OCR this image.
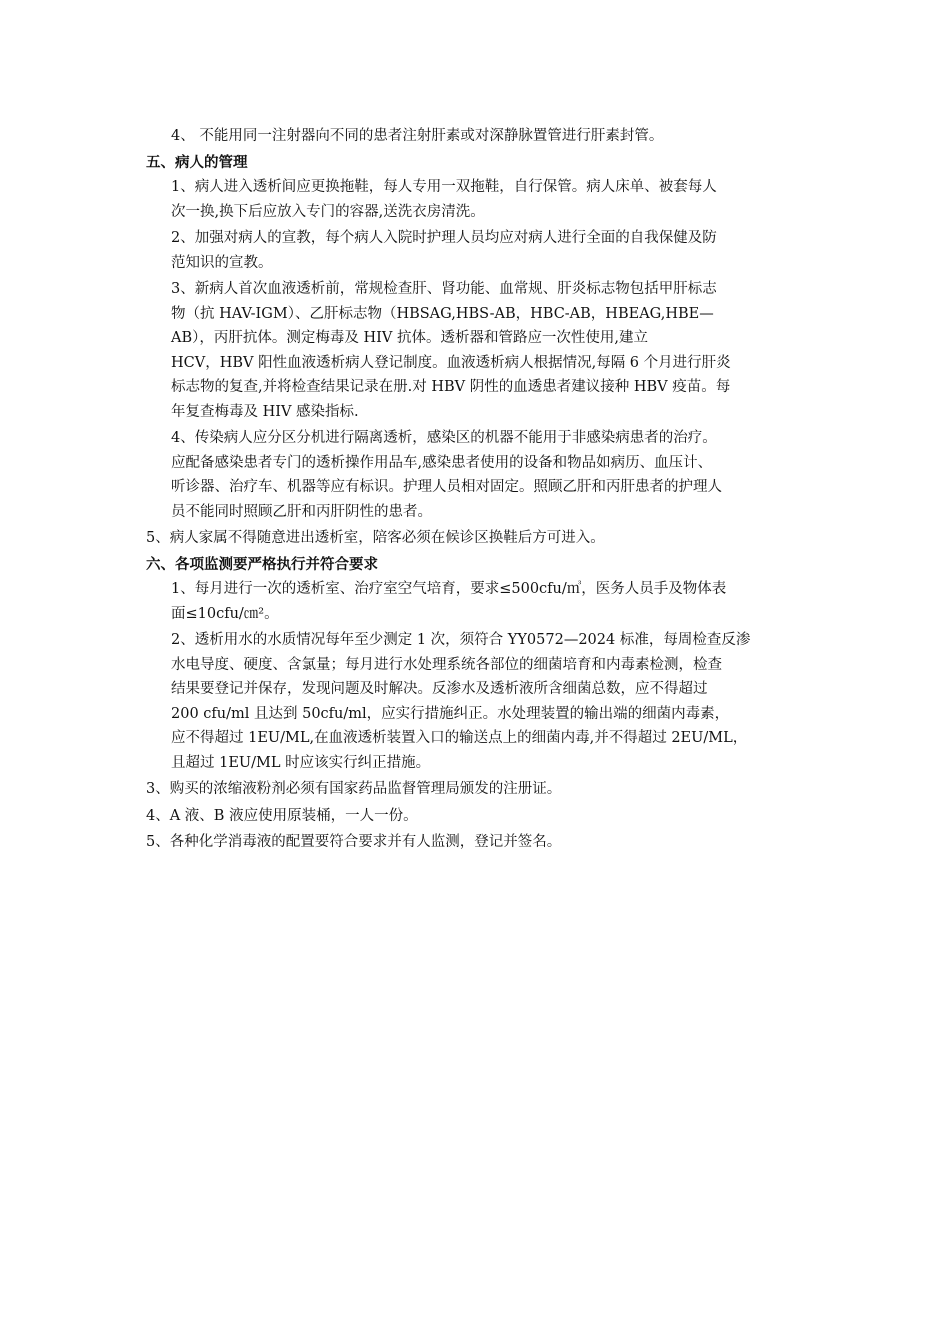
4、 不能用同一注射器向不同的患者注射肝素或对深静脉置管进行肝素封管。
五、病人的管理
1、病人进入透析间应更换拖鞋，每人专用一双拖鞋，自行保管。病人床单、被套每人
次一换,换下后应放入专门的容器,送洗衣房清洗。
2、加强对病人的宣教，每个病人入院时护理人员均应对病人进行全面的自我保健及防
范知识的宣教。
3、新病人首次血液透析前，常规检查肝、肾功能、血常规、肝炎标志物包括甲肝标志
物（抗 HAV-IGM）、乙肝标志物（HBSAG,HBS-AB，HBC-AB，HBEAG,HBE—
AB），丙肝抗体。测定梅毒及 HIV 抗体。透析器和管路应一次性使用,建立
HCV，HBV 阳性血液透析病人登记制度。血液透析病人根据情况,每隔 6 个月进行肝炎
标志物的复查,并将检查结果记录在册.对 HBV 阴性的血透患者建议接种 HBV 疫苗。每
年复查梅毒及 HIV 感染指标.
4、传染病人应分区分机进行隔离透析，感染区的机器不能用于非感染病患者的治疗。
应配备感染患者专门的透析操作用品车,感染患者使用的设备和物品如病历、血压计、
听诊器、治疗车、机器等应有标识。护理人员相对固定。照顾乙肝和丙肝患者的护理人
员不能同时照顾乙肝和丙肝阴性的患者。
5、病人家属不得随意进出透析室，陪客必须在候诊区换鞋后方可进入。
六、各项监测要严格执行并符合要求
1、每月进行一次的透析室、治疗室空气培育，要求≤500cfu/㎥，医务人员手及物体表
面≤10cfu/㎝²。
2、透析用水的水质情况每年至少测定 1 次，须符合 YY0572—2024 标准，每周检查反渗
水电导度、硬度、含氯量；每月进行水处理系统各部位的细菌培育和内毒素检测，检查
结果要登记并保存，发现问题及时解决。反渗水及透析液所含细菌总数，应不得超过
200 cfu/ml 且达到 50cfu/ml，应实行措施纠正。水处理装置的输出端的细菌内毒素，
应不得超过 1EU/ML,在血液透析装置入口的输送点上的细菌内毒,并不得超过 2EU/ML，
且超过 1EU/ML 时应该实行纠正措施。
3、购买的浓缩液粉剂必须有国家药品监督管理局颁发的注册证。
4、A 液、B 液应使用原装桶，一人一份。
5、各种化学消毒液的配置要符合要求并有人监测，登记并签名。
